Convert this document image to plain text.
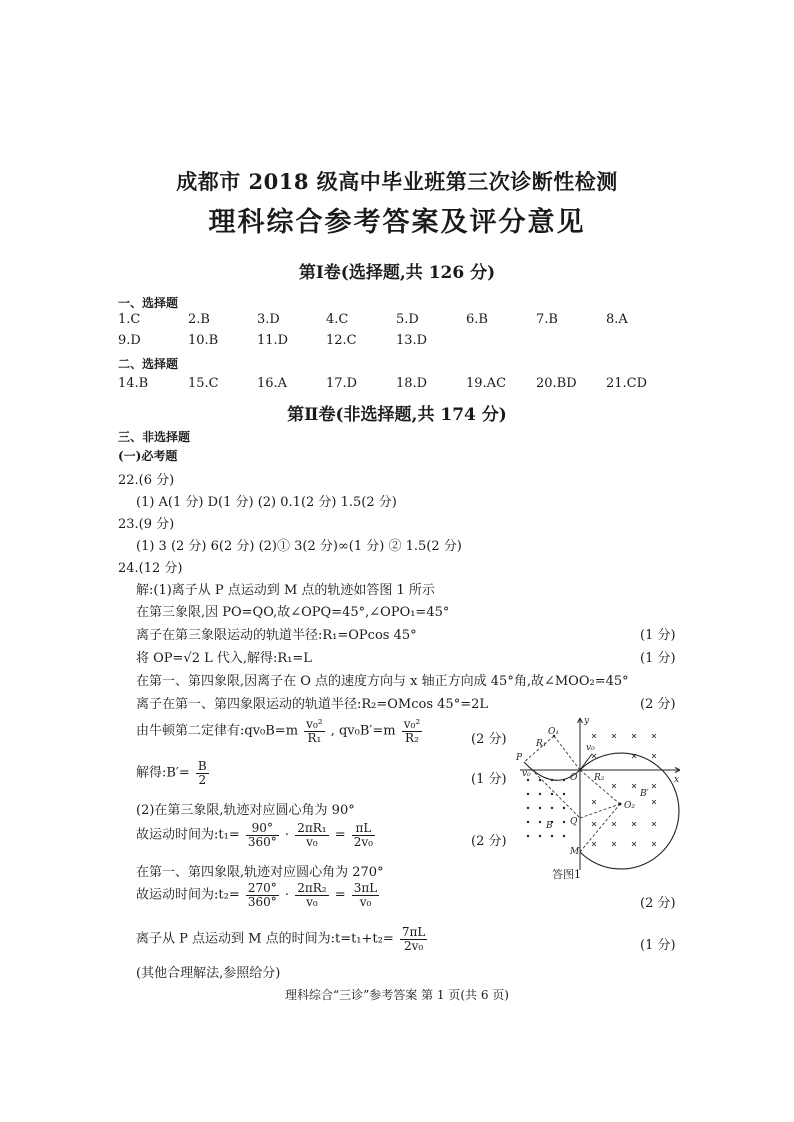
成都市 2018 级高中毕业班第三次诊断性检测
理科综合参考答案及评分意见
第Ⅰ卷(选择题,共 126 分)
一、选择题
1.C	2.B	3.D	4.C	5.D	6.B	7.B	8.A
9.D	10.B	11.D	12.C	13.D
二、选择题
14.B	15.C	16.A	17.D	18.D	19.AC 20.BD 21.CD
第Ⅱ卷(非选择题,共 174 分)
三、非选择题
(一)必考题
22.(6 分)
(1) A(1 分) D(1 分) (2) 0.1(2 分) 1.5(2 分)
23.(9 分)
(1) 3 (2 分) 6(2 分) (2)① 3(2 分)∞(1 分) ② 1.5(2 分)
24.(12 分)
解:(1)离子从 P 点运动到 M 点的轨迹如答图 1 所示
在第三象限,因 PO=QO,故∠OPQ=45°,∠OPO₁=45°
离子在第三象限运动的轨道半径:R₁=OPcos 45°	(1 分)
将 OP=√2 L 代入,解得:R₁=L	(1 分)
在第一、第四象限,因离子在 O 点的速度方向与 x 轴正方向成 45°角,故∠MOO₂=45°
离子在第一、第四象限运动的轨道半径:R₂=OMcos 45°=2L	(2 分)
由牛顿第二定律有:qv₀B=m $\frac{\text{v₀²}}{\text{R₁}}$ , $qv_0B'=m \frac{\text{v₀²}}{\text{R₂}}$	(2 分)
解得:B′= $\frac{B}{2}$	(1 分)
(2)在第三象限,轨迹对应圆心角为 90°
故运动时间为:t₁= $\frac{90^\circ}{360^\circ} \cdot \frac{\text{2πR₁}}{\text{v₀}} = \frac{\pi L}{\text{2v₀}}$	(2 分)
在第一、第四象限,轨迹对应圆心角为 270°
故运动时间为:t₂= $\frac{270^\circ}{360^\circ} \cdot \frac{\text{2πR₂}}{\text{v₀}} = \frac{3\pi L}{\text{v₀}}$	(2 分)
离子从 P 点运动到 M 点的时间为:t=t₁+t₂= $\frac{7\pi L}{\text{2v₀}}$	(1 分)
(其他合理解法,参照给分)
y
x
O
O₁
O₂
R₁
R₂
P
Q
M
B
B′
v₀
v₀
答图1
理科综合“三诊”参考答案 第 1 页(共 6 页)
